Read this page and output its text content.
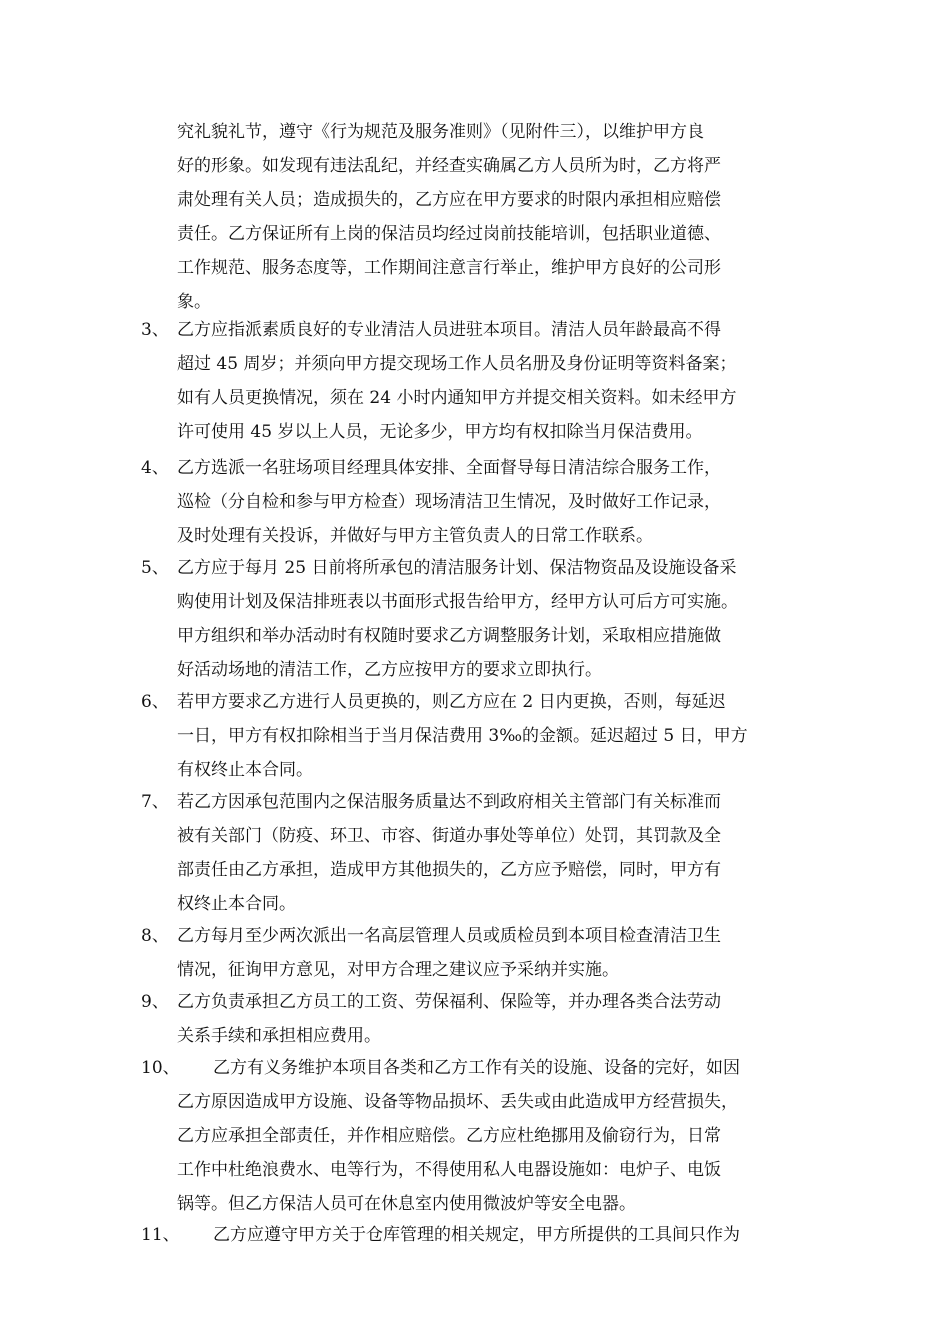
究礼貌礼节，遵守《行为规范及服务准则》（见附件三），以维护甲方良
好的形象。如发现有违法乱纪，并经查实确属乙方人员所为时，乙方将严
肃处理有关人员；造成损失的，乙方应在甲方要求的时限内承担相应赔偿
责任。乙方保证所有上岗的保洁员均经过岗前技能培训，包括职业道德、
工作规范、服务态度等，工作期间注意言行举止，维护甲方良好的公司形
象。
3、 乙方应指派素质良好的专业清洁人员进驻本项目。清洁人员年龄最高不得
超过 45 周岁；并须向甲方提交现场工作人员名册及身份证明等资料备案；
如有人员更换情况，须在 24 小时内通知甲方并提交相关资料。如未经甲方
许可使用 45 岁以上人员，无论多少，甲方均有权扣除当月保洁费用。
4、 乙方选派一名驻场项目经理具体安排、全面督导每日清洁综合服务工作，
巡检（分自检和参与甲方检查）现场清洁卫生情况，及时做好工作记录，
及时处理有关投诉，并做好与甲方主管负责人的日常工作联系。
5、 乙方应于每月 25 日前将所承包的清洁服务计划、保洁物资品及设施设备采
购使用计划及保洁排班表以书面形式报告给甲方，经甲方认可后方可实施。
甲方组织和举办活动时有权随时要求乙方调整服务计划，采取相应措施做
好活动场地的清洁工作，乙方应按甲方的要求立即执行。
6、 若甲方要求乙方进行人员更换的，则乙方应在 2 日内更换，否则，每延迟
一日，甲方有权扣除相当于当月保洁费用 3‰的金额。延迟超过 5 日，甲方
有权终止本合同。
7、 若乙方因承包范围内之保洁服务质量达不到政府相关主管部门有关标准而
被有关部门（防疫、环卫、市容、街道办事处等单位）处罚，其罚款及全
部责任由乙方承担，造成甲方其他损失的，乙方应予赔偿，同时，甲方有
权终止本合同。
8、 乙方每月至少两次派出一名高层管理人员或质检员到本项目检查清洁卫生
情况，征询甲方意见，对甲方合理之建议应予采纳并实施。
9、 乙方负责承担乙方员工的工资、劳保福利、保险等，并办理各类合法劳动
关系手续和承担相应费用。
10、	乙方有义务维护本项目各类和乙方工作有关的设施、设备的完好，如因
乙方原因造成甲方设施、设备等物品损坏、丢失或由此造成甲方经营损失，
乙方应承担全部责任，并作相应赔偿。乙方应杜绝挪用及偷窃行为，日常
工作中杜绝浪费水、电等行为，不得使用私人电器设施如：电炉子、电饭
锅等。但乙方保洁人员可在休息室内使用微波炉等安全电器。
11、	乙方应遵守甲方关于仓库管理的相关规定，甲方所提供的工具间只作为
